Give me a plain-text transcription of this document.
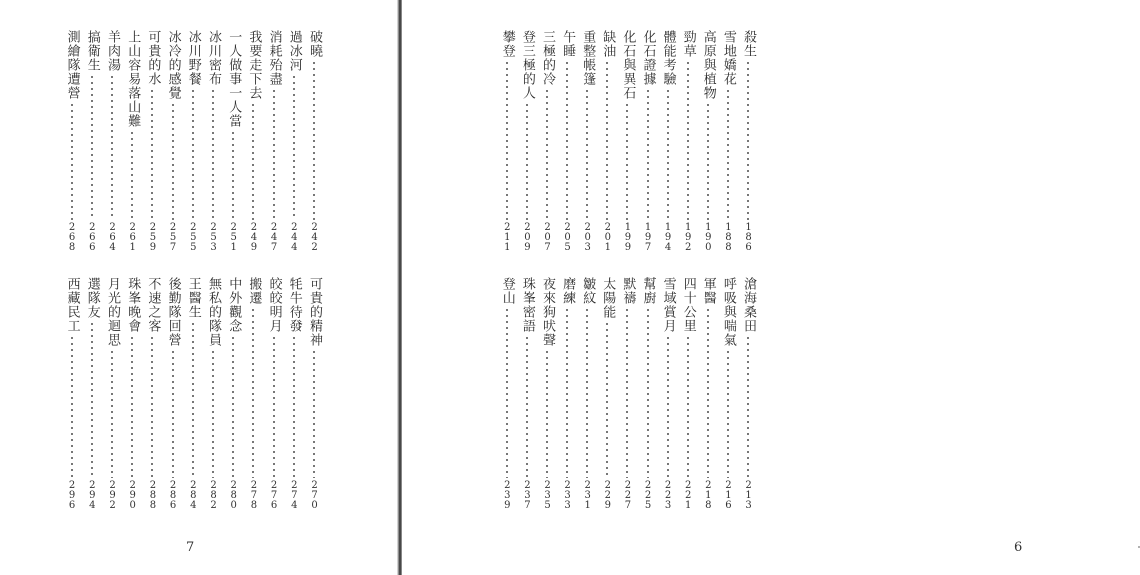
破曉
242
過冰河
244
消耗殆盡
247
我要走下去
249
一人做事一人當
251
冰川密布
253
冰川野餐
255
冰冷的感覺
257
可貴的水
259
上山容易落山難
261
羊肉湯
264
搞衛生
266
測繪隊遭營
268
可貴的精神
270
牦牛待發
274
皎皎明月
276
搬遷
278
中外觀念
280
無私的隊員
282
王醫生
284
後勤隊回營
286
不速之客
288
珠峯晚會
290
月光的迴思
292
選隊友
294
西藏民工
296
7
殺生
186
雪地嬌花
188
高原與植物
190
勁草
192
體能考驗
194
化石證據
197
化石與異石
199
缺油
201
重整帳篷
203
午睡
205
三極的冷
207
登三極的人
209
攀登
211
滄海桑田
213
呼吸與喘氣
216
軍醫
218
四十公里
221
雪域賞月
223
幫廚
225
默禱
227
太陽能
229
皺紋
231
磨練
233
夜來狗吠聲
235
珠峯密語
237
登山
239
6
